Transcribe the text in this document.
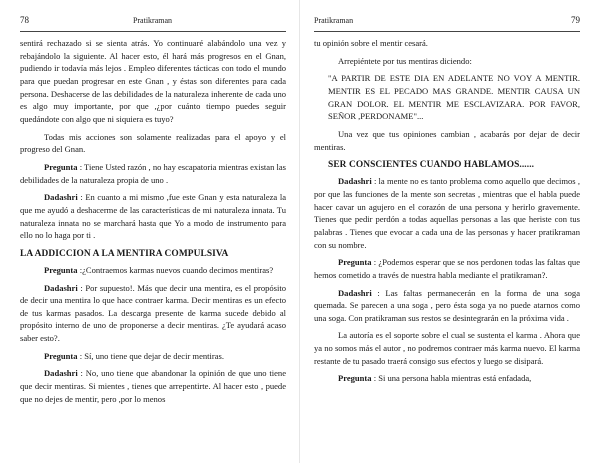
78	Pratikraman

sentirá rechazado si se sienta atrás. Yo continuaré alabándolo una vez y rebajándolo la siguiente. Al hacer esto, él hará más progresos en el Gnan, pudiendo ir todavía más lejos . Empleo diferentes tácticas con todo el mundo para que puedan progresar en este Gnan , y éstas son diferentes para cada persona. Deshacerse de las debilidades de la naturaleza inherente de cada uno es algo muy importante, por que ,¿por cuánto tiempo puedes seguir quedándote con algo que ni siquiera es tuyo?

Todas mis acciones son solamente realizadas para el apoyo y el progreso del Gnan.

Pregunta : Tiene Usted razón , no hay escapatoria mientras existan las debilidades de la naturaleza propia de uno .

Dadashri : En cuanto a mi mismo ,fue este Gnan y esta naturaleza la que me ayudó a deshacerme de las características de mi naturaleza innata. Tu naturaleza innata no se marchará hasta que Yo a modo de instrumento para ello no lo haga por ti .

LA ADDICCION A LA MENTIRA COMPULSIVA

Pregunta :¿Contraemos karmas nuevos cuando decimos mentiras?

Dadashri : Por supuesto!. Más que decir una mentira, es el propósito de decir una mentira lo que hace contraer karma. Decir mentiras es un efecto de tus karmas pasados. La descarga presente de karma sucede debido al propósito interno de uno de proponerse a decir mentiras. ¿Te ayudará acaso saber esto?.

Pregunta : Sí, uno tiene que dejar de decir mentiras.

Dadashri : No, uno tiene que abandonar la opinión de que uno tiene que decir mentiras. Si mientes , tienes que arrepentirte. Al hacer esto , puede que no dejes de mentir, pero ,por lo menos

Pratikraman	79

tu opinión sobre el mentir cesará.

Arrepiéntete por tus mentiras diciendo:

"A PARTIR DE ESTE DIA EN ADELANTE NO VOY A MENTIR. MENTIR ES EL PECADO MAS GRANDE. MENTIR CAUSA UN GRAN DOLOR. EL MENTIR ME ESCLAVIZARA. POR FAVOR, SEÑOR ,PERDONAME"...

Una vez que tus opiniones cambian , acabarás por dejar de decir mentiras.

SER CONSCIENTES CUANDO HABLAMOS......

Dadashri : la mente no es tanto problema como aquello que decimos , por que las funciones de la mente son secretas , mientras que el habla puede hacer cavar un agujero en el corazón de una persona y herirlo gravemente. Tienes que pedir perdón a todas aquellas personas a las que heriste con tus palabras . Tienes que evocar a cada una de las personas y hacer pratikraman con su nombre.

Pregunta : ¿Podemos esperar que se nos perdonen todas las faltas que hemos cometido a través de nuestra habla mediante el pratikraman?.

Dadashri : Las faltas permanecerán en la forma de una soga quemada. Se parecen a una soga , pero ésta soga ya no puede atarnos como una soga. Con pratikraman sus restos se desintegrarán en la próxima vida .

La autoría es el soporte sobre el cual se sustenta el karma . Ahora que ya no somos más el autor , no podremos contraer más karma nuevo. El karma restante de tu pasado traerá consigo sus efectos y luego se disipará.

Pregunta : Si una persona habla mientras está enfadada,
